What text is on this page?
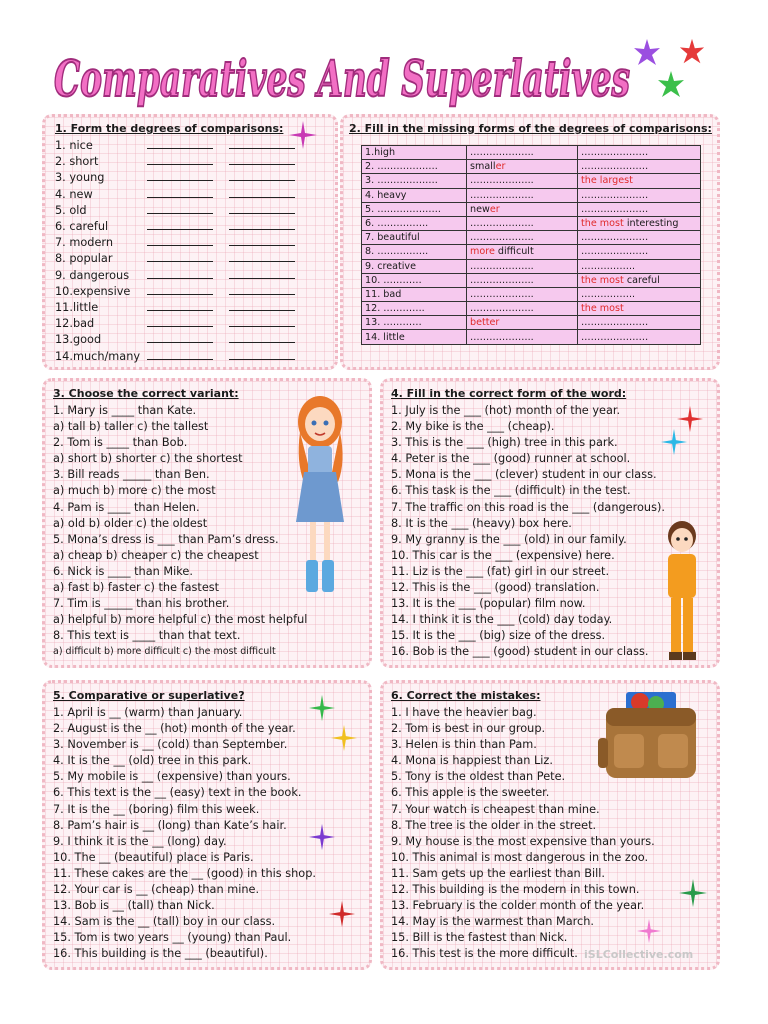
Comparatives And Superlatives
1. Form the degrees of comparisons:
1. nice
2. short
3. young
4. new
5. old
6. careful
7. modern
8. popular
9. dangerous
10.expensive
11.little
12.bad
13.good
14.much/many
2. Fill in the missing forms of the degrees of comparisons:
1.high	………………..	…………………
2. ……………….	smaller	…………………
3. ……………….	………………..	the largest
4. heavy	………………..	…………………
5. ………………..	newer	…………………
6. …………….	………………..	the most interesting
7. beautiful	………………..	…………………
8. …………….	more difficult	…………………
9. creative	………………..	……………..
10. …………	………………..	the most careful
11. bad	………………..	……………..
12. ………….	………………..	the most
13. …………	better	…………………
14. little	………………..	…………………
3. Choose the correct variant:
1. Mary is ____ than Kate.
a) tall b) taller c) the tallest
2. Tom is ____ than Bob.
a) short b) shorter c) the shortest
3. Bill reads _____ than Ben.
a) much b) more c) the most
4. Pam is ____ than Helen.
a) old b) older c) the oldest
5. Mona’s dress is ___ than Pam’s dress.
a) cheap b) cheaper c) the cheapest
6. Nick is ____ than Mike.
a) fast b) faster c) the fastest
7. Tim is _____ than his brother.
a) helpful b) more helpful c) the most helpful
8. This text is ____ than that text.
a) difficult b) more difficult c) the most difficult
4. Fill in the correct form of the word:
1. July is the ___ (hot) month of the year.
2. My bike is the ___ (cheap).
3. This is the ___ (high) tree in this park.
4. Peter is the ___ (good) runner at school.
5. Mona is the ___ (clever) student in our class.
6. This task is the ___ (difficult) in the test.
7. The traffic on this road is the ___ (dangerous).
8. It is the ___ (heavy) box here.
9. My granny is the ___ (old) in our family.
10. This car is the ___ (expensive) here.
11. Liz is the ___ (fat) girl in our street.
12. This is the ___ (good) translation.
13. It is the ___ (popular) film now.
14. I think it is the ___ (cold) day today.
15. It is the ___ (big) size of the dress.
16. Bob is the ___ (good) student in our class.
5. Comparative or superlative?
1. April is __ (warm) than January.
2. August is the __ (hot) month of the year.
3. November is __ (cold) than September.
4. It is the __ (old) tree in this park.
5. My mobile is __ (expensive) than yours.
6. This text is the __ (easy) text in the book.
7. It is the __ (boring) film this week.
8. Pam’s hair is __ (long) than Kate’s hair.
9. I think it is the __ (long) day.
10. The __ (beautiful) place is Paris.
11. These cakes are the __ (good) in this shop.
12. Your car is __ (cheap) than mine.
13. Bob is __ (tall) than Nick.
14. Sam is the __ (tall) boy in our class.
15. Tom is two years __ (young) than Paul.
16. This building is the ___ (beautiful).
6. Correct the mistakes:
1. I have the heavier bag.
2. Tom is best in our group.
3. Helen is thin than Pam.
4. Mona is happiest than Liz.
5. Tony is the oldest than Pete.
6. This apple is the sweeter.
7. Your watch is cheapest than mine.
8. The tree is the older in the street.
9. My house is the most expensive than yours.
10. This animal is most dangerous in the zoo.
11. Sam gets up the earliest than Bill.
12. This building is the modern in this town.
13. February is the colder month of the year.
14. May is the warmest than March.
15. Bill is the fastest than Nick.
16. This test is the more difficult. iSLCollective.com
